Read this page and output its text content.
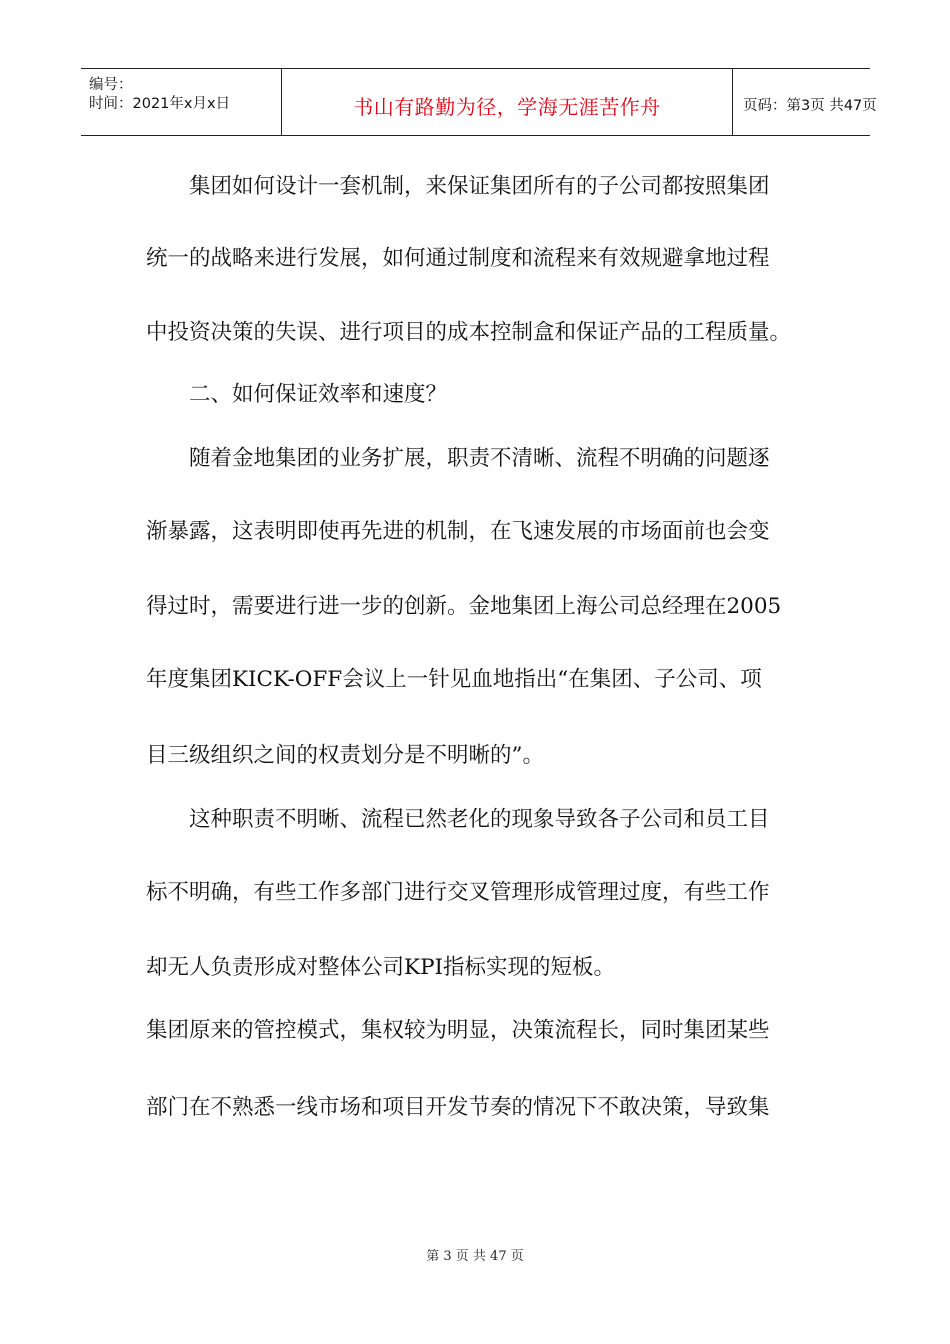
编号：
时间：2021年x月x日	书山有路勤为径，学海无涯苦作舟	页码：第3页 共47页
集团如何设计一套机制，来保证集团所有的子公司都按照集团
统一的战略来进行发展，如何通过制度和流程来有效规避拿地过程
中投资决策的失误、进行项目的成本控制盒和保证产品的工程质量。
二、如何保证效率和速度？
随着金地集团的业务扩展，职责不清晰、流程不明确的问题逐
渐暴露，这表明即使再先进的机制，在飞速发展的市场面前也会变
得过时，需要进行进一步的创新。金地集团上海公司总经理在2005
年度集团KICK-OFF会议上一针见血地指出“在集团、子公司、项
目三级组织之间的权责划分是不明晰的”。
这种职责不明晰、流程已然老化的现象导致各子公司和员工目
标不明确，有些工作多部门进行交叉管理形成管理过度，有些工作
却无人负责形成对整体公司KPI指标实现的短板。
集团原来的管控模式，集权较为明显，决策流程长，同时集团某些
部门在不熟悉一线市场和项目开发节奏的情况下不敢决策，导致集
第 3 页 共 47 页
